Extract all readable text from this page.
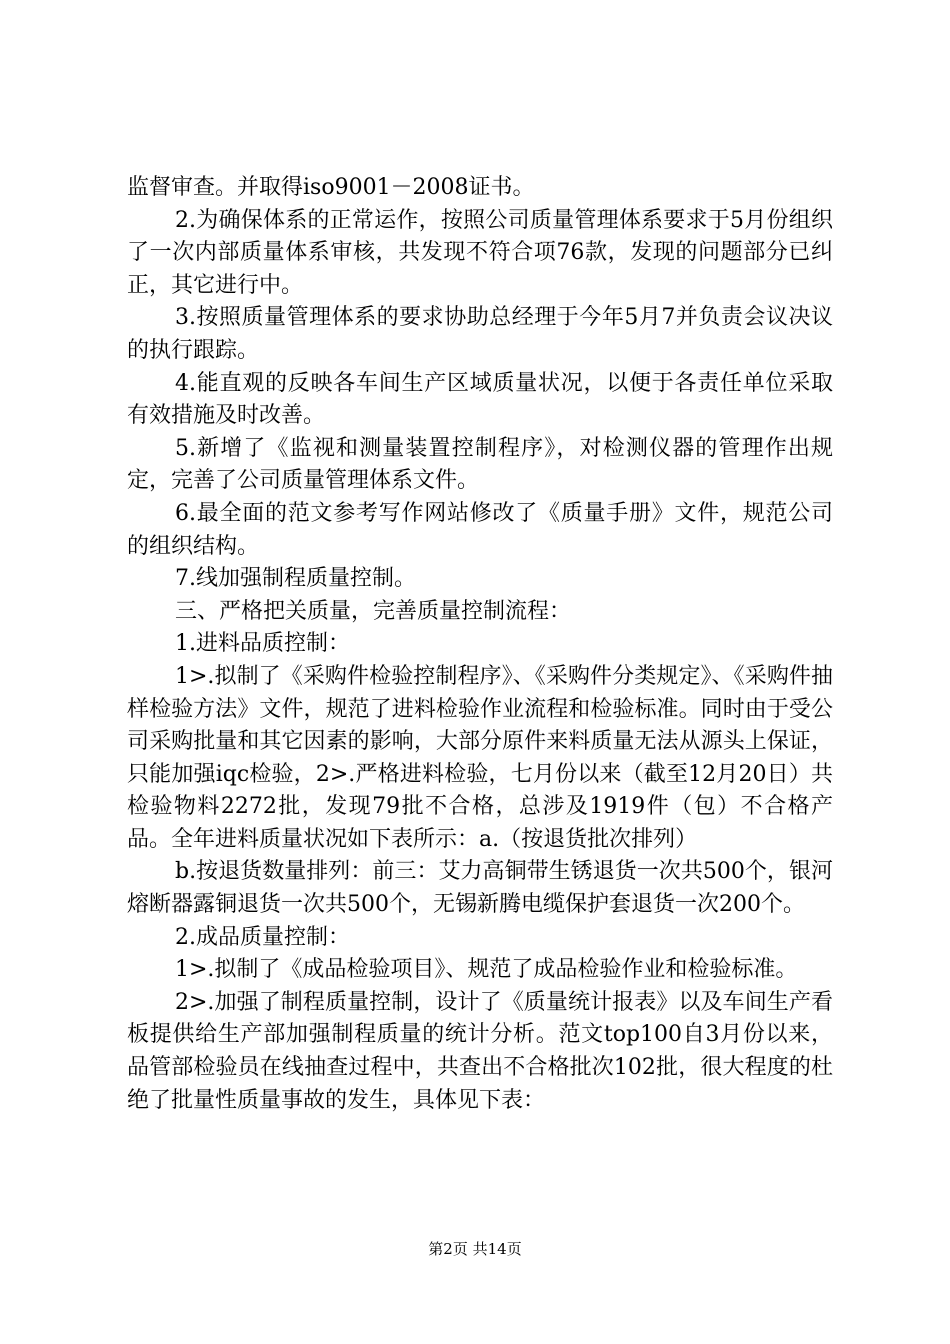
监督审查。并取得iso9001－2008证书。

2.为确保体系的正常运作，按照公司质量管理体系要求于5月份组织了一次内部质量体系审核，共发现不符合项76款，发现的问题部分已纠正，其它进行中。

3.按照质量管理体系的要求协助总经理于今年5月7并负责会议决议的执行跟踪。

4.能直观的反映各车间生产区域质量状况，以便于各责任单位采取有效措施及时改善。

5.新增了《监视和测量装置控制程序》，对检测仪器的管理作出规定，完善了公司质量管理体系文件。

6.最全面的范文参考写作网站修改了《质量手册》文件，规范公司的组织结构。

7.线加强制程质量控制。

三、严格把关质量，完善质量控制流程：

1.进料品质控制：

1>.拟制了《采购件检验控制程序》、《采购件分类规定》、《采购件抽样检验方法》文件，规范了进料检验作业流程和检验标准。同时由于受公司采购批量和其它因素的影响，大部分原件来料质量无法从源头上保证，只能加强iqc检验，2>.严格进料检验，七月份以来（截至12月20日）共检验物料2272批，发现79批不合格，总涉及1919件（包）不合格产品。全年进料质量状况如下表所示：a.（按退货批次排列）

b.按退货数量排列：前三：艾力高铜带生锈退货一次共500个，银河熔断器露铜退货一次共500个，无锡新腾电缆保护套退货一次200个。

2.成品质量控制：

1>.拟制了《成品检验项目》、规范了成品检验作业和检验标准。

2>.加强了制程质量控制，设计了《质量统计报表》以及车间生产看板提供给生产部加强制程质量的统计分析。范文top100自3月份以来，品管部检验员在线抽查过程中，共查出不合格批次102批，很大程度的杜绝了批量性质量事故的发生，具体见下表：

第2页 共14页
